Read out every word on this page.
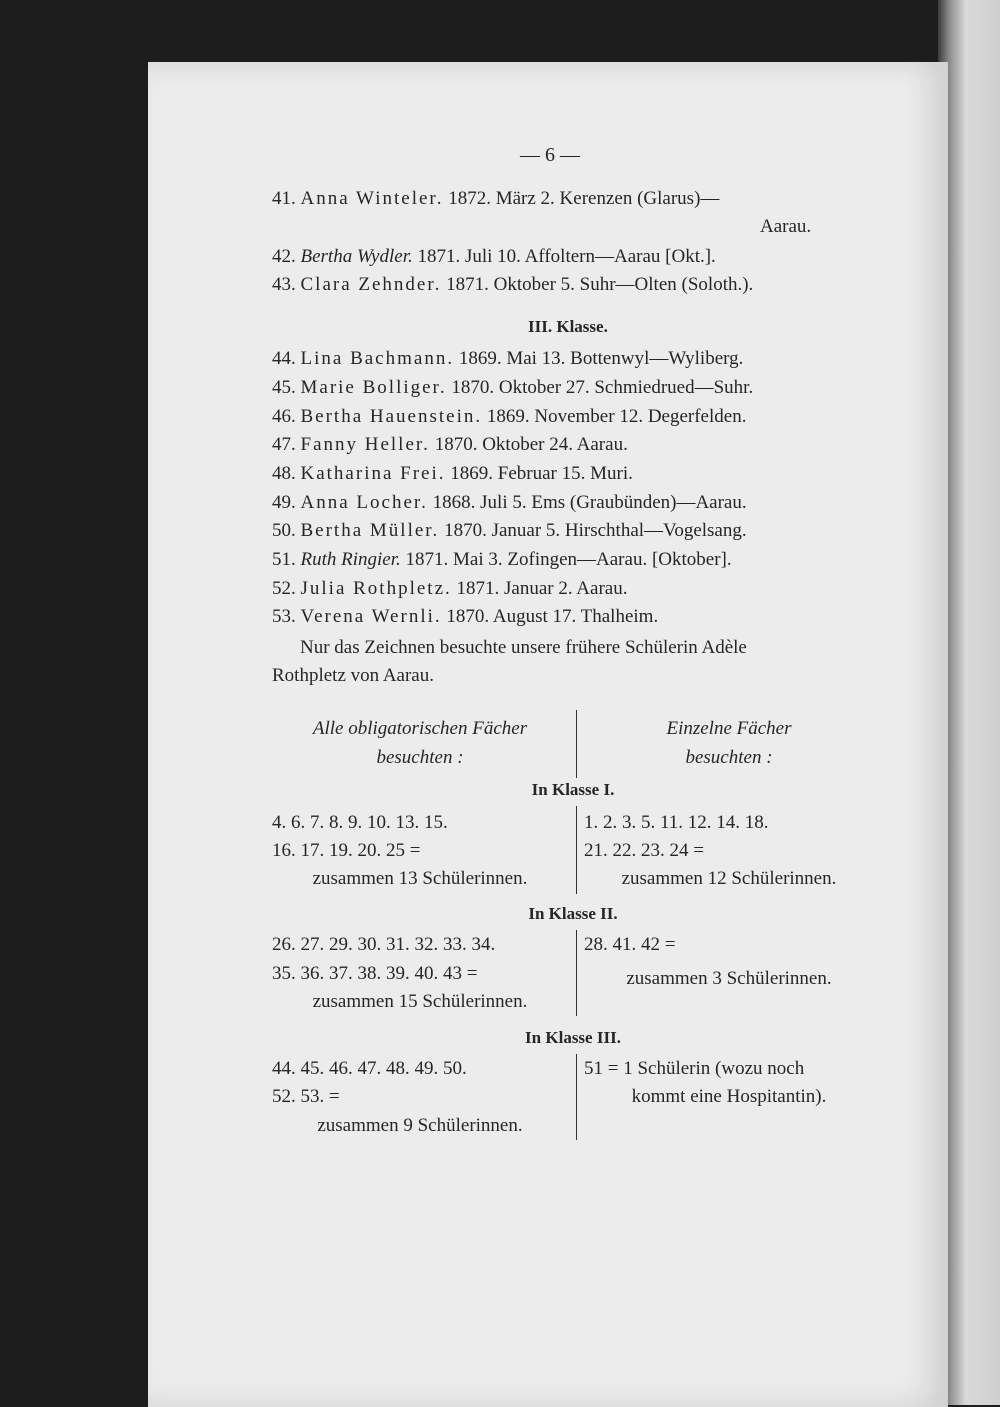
— 6 —
41. Anna Winteler. 1872. März 2. Kerenzen (Glarus)—
Aarau.
42. Bertha Wydler. 1871. Juli 10. Affoltern—Aarau [Okt.].
43. Clara Zehnder. 1871. Oktober 5. Suhr—Olten (Soloth.).
III. Klasse.
44. Lina Bachmann. 1869. Mai 13. Bottenwyl—Wyliberg.
45. Marie Bolliger. 1870. Oktober 27. Schmiedrued—Suhr.
46. Bertha Hauenstein. 1869. November 12. Degerfelden.
47. Fanny Heller. 1870. Oktober 24. Aarau.
48. Katharina Frei. 1869. Februar 15. Muri.
49. Anna Locher. 1868. Juli 5. Ems (Graubünden)—Aarau.
50. Bertha Müller. 1870. Januar 5. Hirschthal—Vogelsang.
51. Ruth Ringier. 1871. Mai 3. Zofingen—Aarau. [Oktober].
52. Julia Rothpletz. 1871. Januar 2. Aarau.
53. Verena Wernli. 1870. August 17. Thalheim.
Nur das Zeichnen besuchte unsere frühere Schülerin Adèle
Rothpletz von Aarau.
Alle obligatorischen Fächer
besuchten :
Einzelne Fächer
besuchten :
In Klasse I.
4. 6. 7. 8. 9. 10. 13. 15.
16. 17. 19. 20. 25 =
zusammen 13 Schülerinnen.
1. 2. 3. 5. 11. 12. 14. 18.
21. 22. 23. 24 =
zusammen 12 Schülerinnen.
In Klasse II.
26. 27. 29. 30. 31. 32. 33. 34.
35. 36. 37. 38. 39. 40. 43 =
zusammen 15 Schülerinnen.
28. 41. 42 =
zusammen 3 Schülerinnen.
In Klasse III.
44. 45. 46. 47. 48. 49. 50.
52. 53. =
zusammen 9 Schülerinnen.
51 = 1 Schülerin (wozu noch
kommt eine Hospitantin).
